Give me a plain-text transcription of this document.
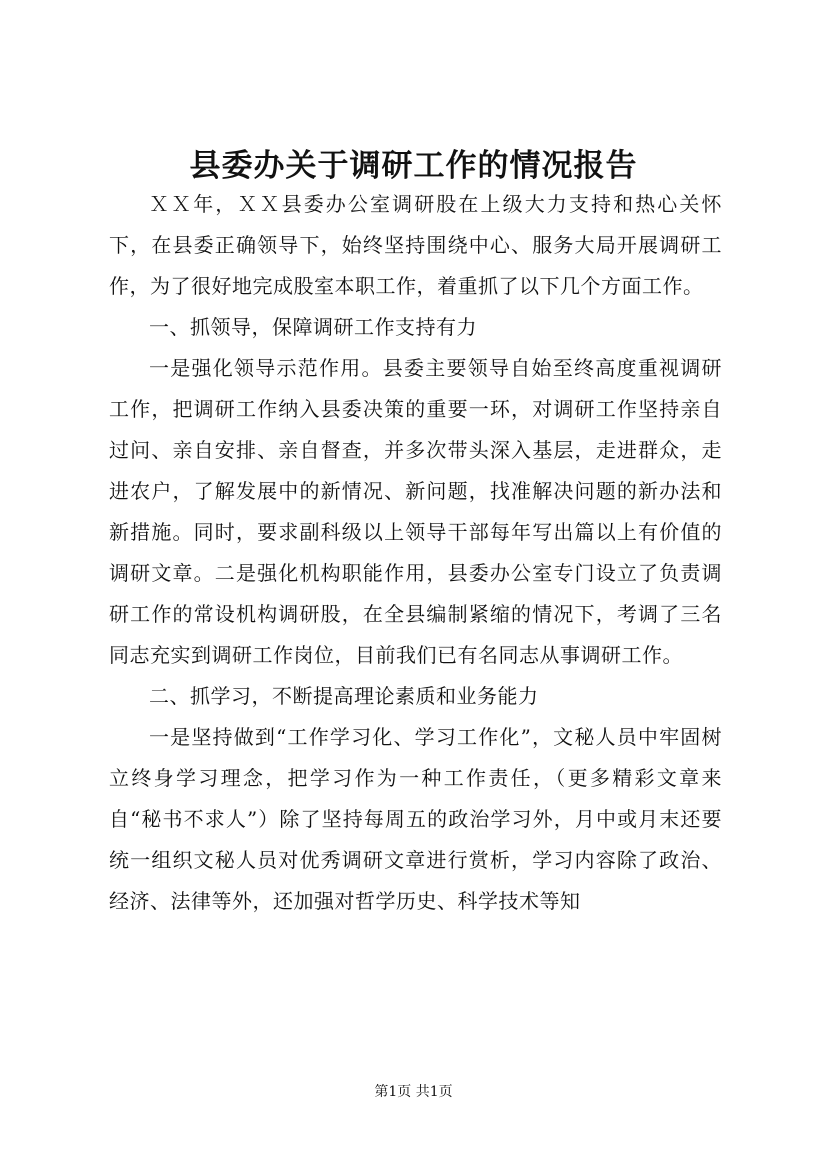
县委办关于调研工作的情况报告

ＸＸ年，ＸＸ县委办公室调研股在上级大力支持和热心关怀下，在县委正确领导下，始终坚持围绕中心、服务大局开展调研工作，为了很好地完成股室本职工作，着重抓了以下几个方面工作。

一、抓领导，保障调研工作支持有力

一是强化领导示范作用。县委主要领导自始至终高度重视调研工作，把调研工作纳入县委决策的重要一环，对调研工作坚持亲自过问、亲自安排、亲自督查，并多次带头深入基层，走进群众，走进农户，了解发展中的新情况、新问题，找准解决问题的新办法和新措施。同时，要求副科级以上领导干部每年写出篇以上有价值的调研文章。二是强化机构职能作用，县委办公室专门设立了负责调研工作的常设机构调研股，在全县编制紧缩的情况下，考调了三名同志充实到调研工作岗位，目前我们已有名同志从事调研工作。

二、抓学习，不断提高理论素质和业务能力

一是坚持做到“工作学习化、学习工作化”，文秘人员中牢固树立终身学习理念，把学习作为一种工作责任，（更多精彩文章来自“秘书不求人”）除了坚持每周五的政治学习外，月中或月末还要统一组织文秘人员对优秀调研文章进行赏析，学习内容除了政治、经济、法律等外，还加强对哲学历史、科学技术等知

第1页 共1页
